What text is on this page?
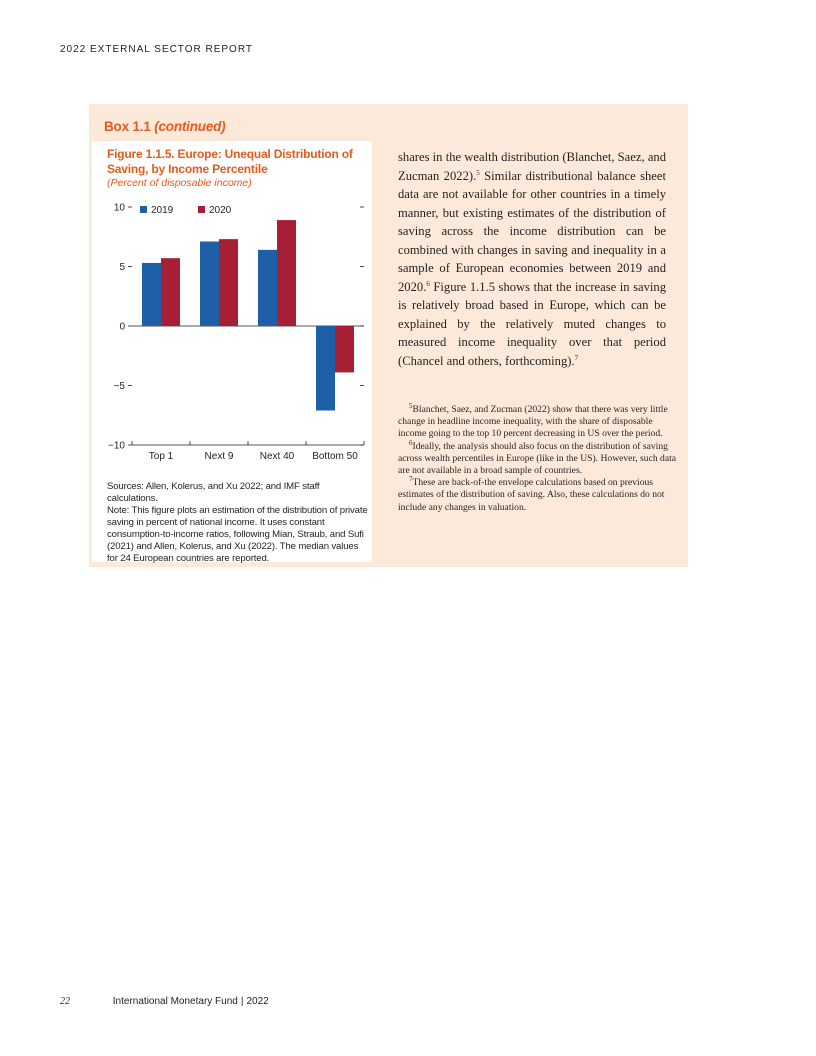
2022 EXTERNAL SECTOR REPORT
Box 1.1 (continued)
Figure 1.1.5. Europe: Unequal Distribution of Saving, by Income Percentile
(Percent of disposable income)
10
5
0
−5
−10
Top 1	Next 9	Next 40 Bottom 50
2019	2020
Sources: Allen, Kolerus, and Xu 2022; and IMF staff calculations.
Note: This figure plots an estimation of the distribution of private saving in percent of national income. It uses constant consumption-to-income ratios, following Mian, Straub, and Sufi (2021) and Allen, Kolerus, and Xu (2022). The median values for 24 European countries are reported.

shares in the wealth distribution (Blanchet, Saez, and Zucman 2022).$^5$ Similar distributional balance sheet data are not available for other countries in a timely manner, but existing estimates of the distribution of saving across the income distribution can be combined with changes in saving and inequality in a sample of European economies between 2019 and 2020.$^6$ Figure 1.1.5 shows that the increase in saving is relatively broad based in Europe, which can be explained by the relatively muted changes to measured income inequality over that period (Chancel and others, forthcoming).$^7$

$^5$Blanchet, Saez, and Zucman (2022) show that there was very little change in headline income inequality, with the share of disposable income going to the top 10 percent decreasing in US over the period.

$^6$Ideally, the analysis should also focus on the distribution of saving across wealth percentiles in Europe (like in the US). However, such data are not available in a broad sample of countries.

$^7$These are back-of-the envelope calculations based on previous estimates of the distribution of saving. Also, these calculations do not include any changes in valuation.

22	International Monetary Fund | 2022
